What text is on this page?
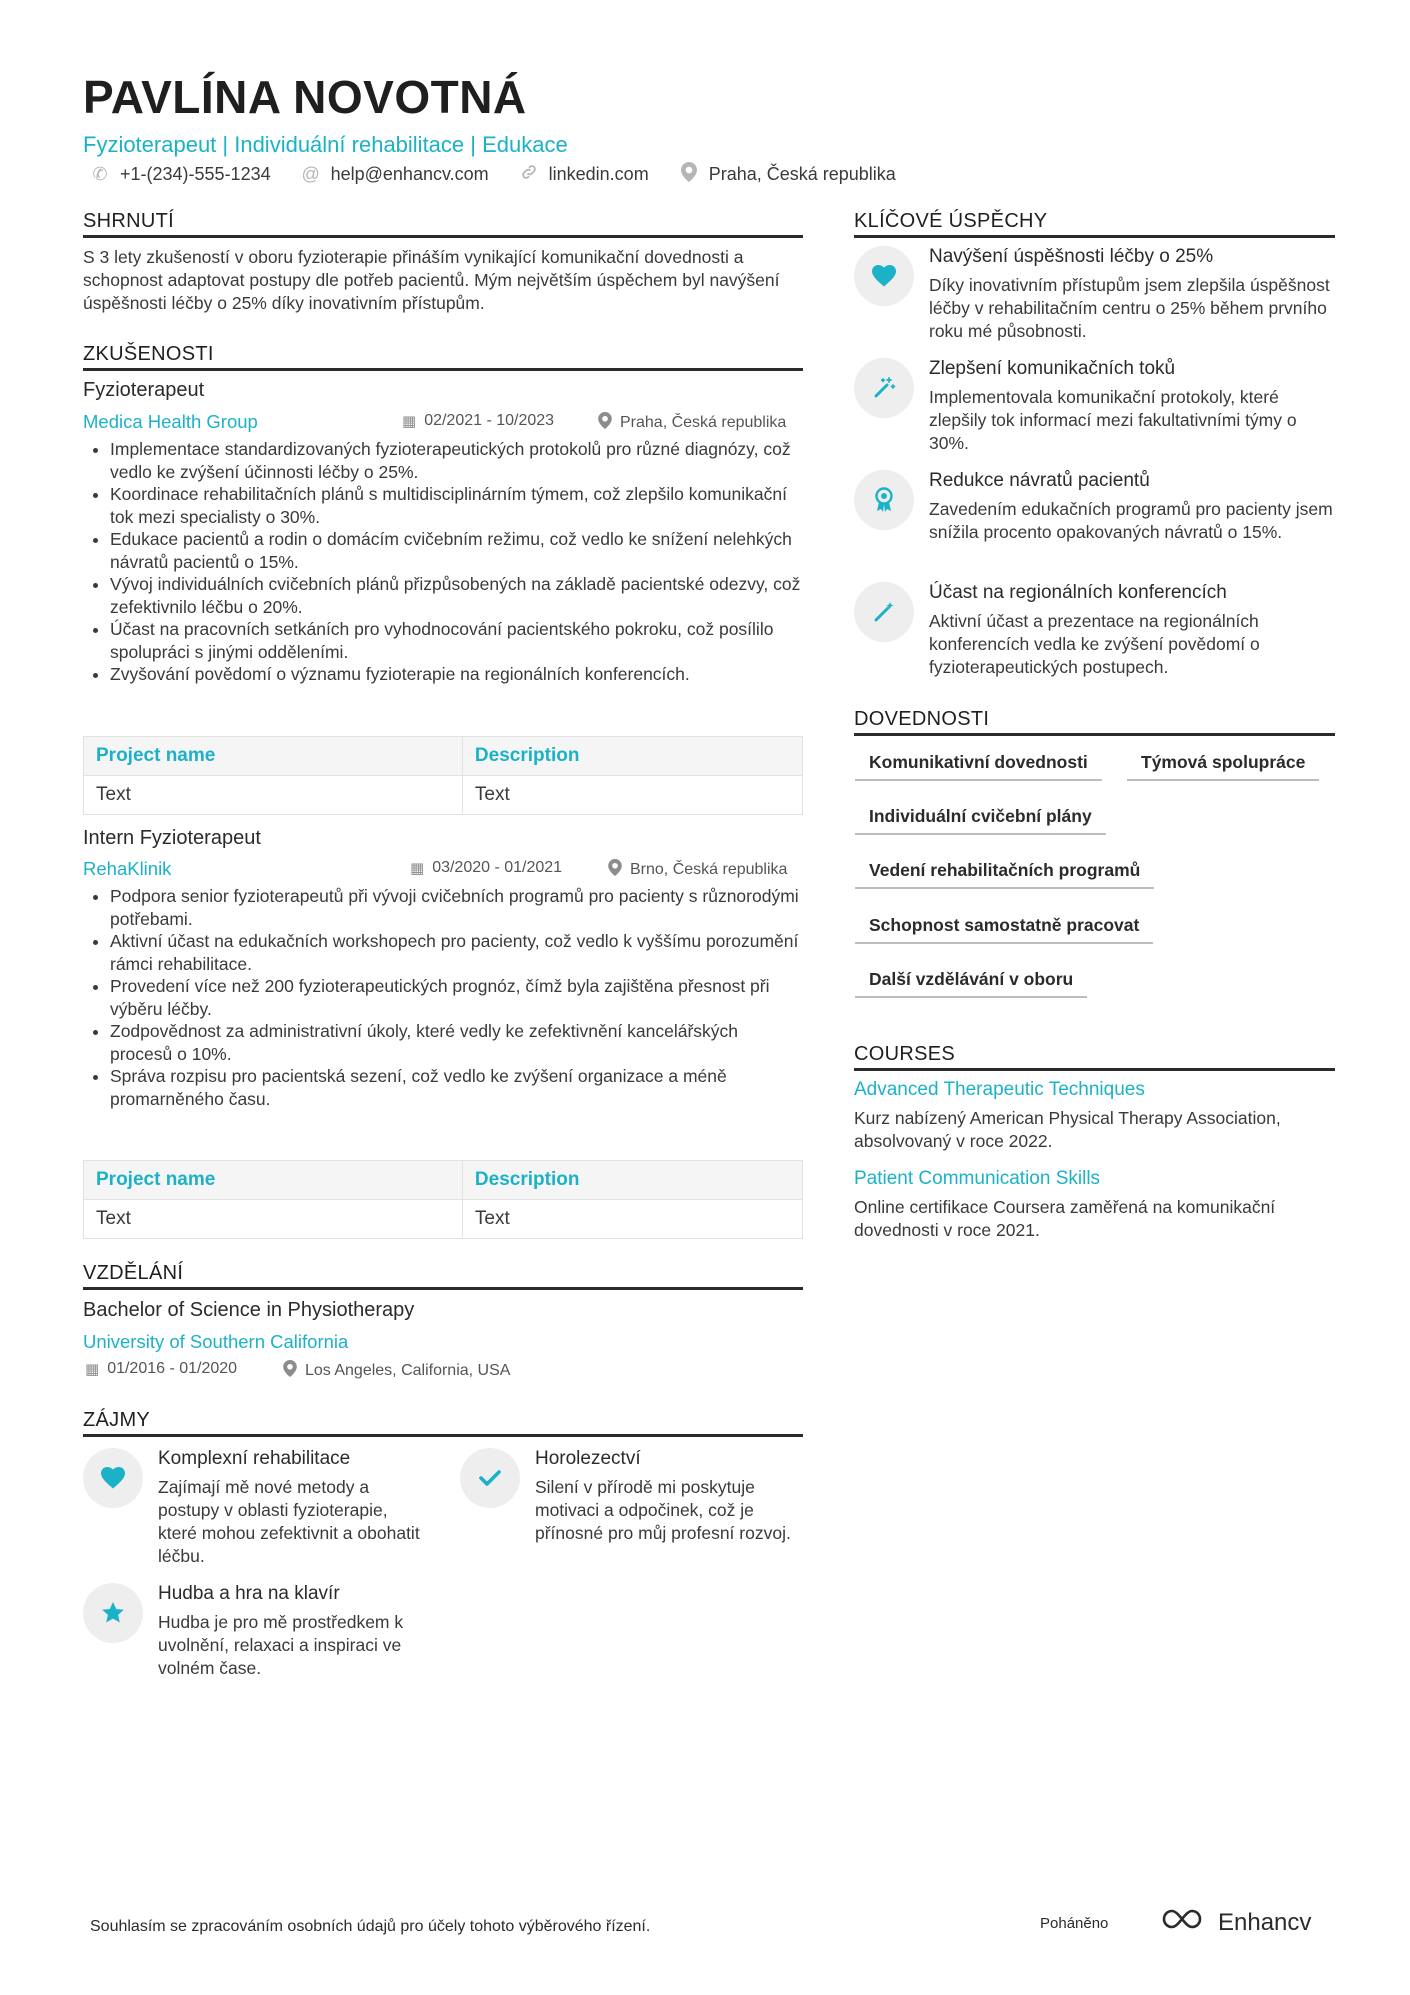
PAVLÍNA NOVOTNÁ
Fyzioterapeut | Individuální rehabilitace | Edukace
✆ +1-(234)-555-1234 @ help@enhancv.com	linkedin.com	Praha, Česká republika
SHRNUTÍ
S 3 lety zkušeností v oboru fyzioterapie přináším vynikající komunikační dovednosti a schopnost adaptovat postupy dle potřeb pacientů. Mým největším úspěchem byl navýšení úspěšnosti léčby o 25% díky inovativním přístupům.
ZKUŠENOSTI
Fyzioterapeut
Medica Health Group	▦ 02/2021 - 10/2023	Praha, Česká republika
• Implementace standardizovaných fyzioterapeutických protokolů pro různé diagnózy, což vedlo ke zvýšení účinnosti léčby o 25%.
• Koordinace rehabilitačních plánů s multidisciplinárním týmem, což zlepšilo komunikační tok mezi specialisty o 30%.
• Edukace pacientů a rodin o domácím cvičebním režimu, což vedlo ke snížení nelehkých návratů pacientů o 15%.
• Vývoj individuálních cvičebních plánů přizpůsobených na základě pacientské odezvy, což zefektivnilo léčbu o 20%.
• Účast na pracovních setkáních pro vyhodnocování pacientského pokroku, což posílilo spolupráci s jinými odděleními.
• Zvyšování povědomí o významu fyzioterapie na regionálních konferencích.
Project name	Description
Text	Text
Intern Fyzioterapeut
RehaKlinik	▦ 03/2020 - 01/2021	Brno, Česká republika
• Podpora senior fyzioterapeutů při vývoji cvičebních programů pro pacienty s různorodými potřebami.
• Aktivní účast na edukačních workshopech pro pacienty, což vedlo k vyššímu porozumění rámci rehabilitace.
• Provedení více než 200 fyzioterapeutických prognóz, čímž byla zajištěna přesnost při výběru léčby.
• Zodpovědnost za administrativní úkoly, které vedly ke zefektivnění kancelářských procesů o 10%.
• Správa rozpisu pro pacientská sezení, což vedlo ke zvýšení organizace a méně promarněného času.
Project name	Description
Text	Text
VZDĚLÁNÍ
Bachelor of Science in Physiotherapy
University of Southern California
▦ 01/2016 - 01/2020	Los Angeles, California, USA
ZÁJMY
Komplexní rehabilitace
Zajímají mě nové metody a postupy v oblasti fyzioterapie, které mohou zefektivnit a obohatit léčbu.
Horolezectví
Silení v přírodě mi poskytuje motivaci a odpočinek, což je přínosné pro můj profesní rozvoj.
Hudba a hra na klavír
Hudba je pro mě prostředkem k uvolnění, relaxaci a inspiraci ve volném čase.
KLÍČOVÉ ÚSPĚCHY
Navýšení úspěšnosti léčby o 25%
Díky inovativním přístupům jsem zlepšila úspěšnost léčby v rehabilitačním centru o 25% během prvního roku mé působnosti.
Zlepšení komunikačních toků
Implementovala komunikační protokoly, které zlepšily tok informací mezi fakultativními týmy o 30%.
Redukce návratů pacientů
Zavedením edukačních programů pro pacienty jsem snížila procento opakovaných návratů o 15%.
Účast na regionálních konferencích
Aktivní účast a prezentace na regionálních konferencích vedla ke zvýšení povědomí o fyzioterapeutických postupech.
DOVEDNOSTI
Komunikativní dovednosti	Týmová spolupráce
Individuální cvičební plány
Vedení rehabilitačních programů
Schopnost samostatně pracovat
Další vzdělávání v oboru
COURSES
Advanced Therapeutic Techniques
Kurz nabízený American Physical Therapy Association, absolvovaný v roce 2022.
Patient Communication Skills
Online certifikace Coursera zaměřená na komunikační dovednosti v roce 2021.
Souhlasím se zpracováním osobních údajů pro účely tohoto výběrového řízení.	Poháněno	Enhancv
